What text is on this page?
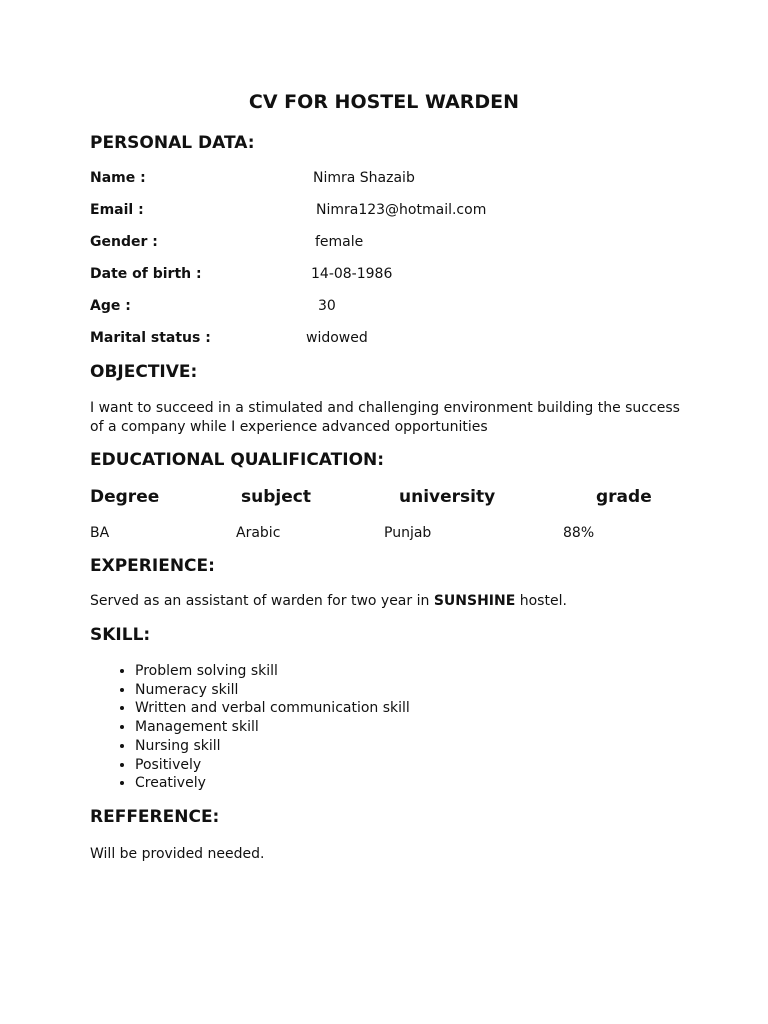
CV FOR HOSTEL WARDEN
PERSONAL DATA:
Name :	Nimra Shazaib
Email :	Nimra123@hotmail.com
Gender :	female
Date of birth :	14-08-1986
Age :	30
Marital status :	widowed
OBJECTIVE:
I want to succeed in a stimulated and challenging environment building the success of a company while I experience advanced opportunities
EDUCATIONAL QUALIFICATION:
Degree	subject	university	grade
BA	Arabic	Punjab	88%
EXPERIENCE:
Served as an assistant of warden for two year in SUNSHINE hostel.
SKILL:
• Problem solving skill
• Numeracy skill
• Written and verbal communication skill
• Management skill
• Nursing skill
• Positively
• Creatively
REFFERENCE:
Will be provided needed.
